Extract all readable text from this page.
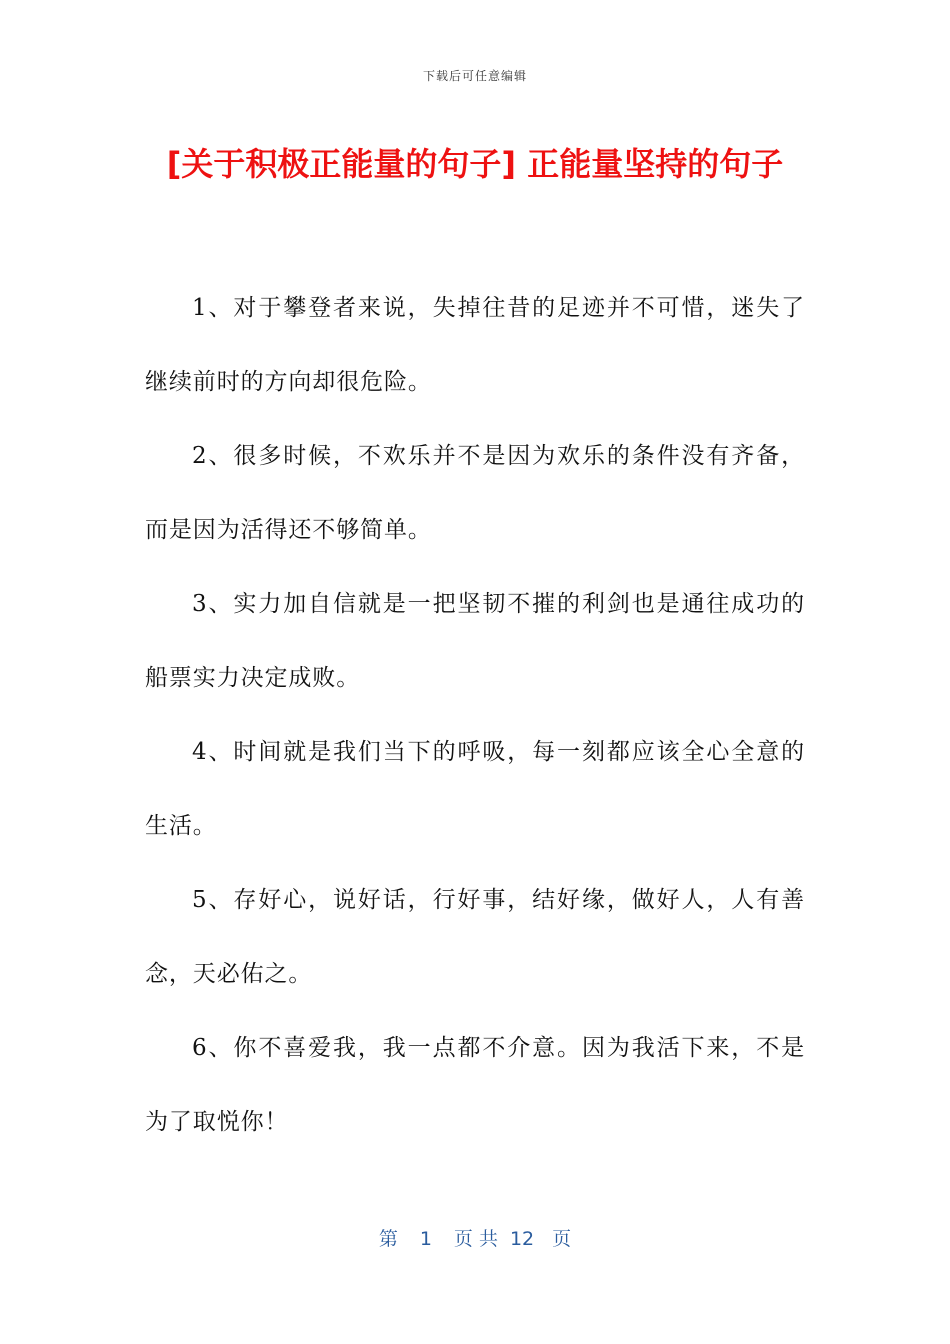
下载后可任意编辑
[关于积极正能量的句子] 正能量坚持的句子

1、对于攀登者来说，失掉往昔的足迹并不可惜，迷失了继续前时的方向却很危险。

2、很多时候，不欢乐并不是因为欢乐的条件没有齐备，而是因为活得还不够简单。

3、实力加自信就是一把坚韧不摧的利剑也是通往成功的船票实力决定成败。

4、时间就是我们当下的呼吸，每一刻都应该全心全意的生活。

5、存好心，说好话，行好事，结好缘，做好人，人有善念，天必佑之。

6、你不喜爱我，我一点都不介意。因为我活下来，不是为了取悦你！

第 1 页 共 12 页
